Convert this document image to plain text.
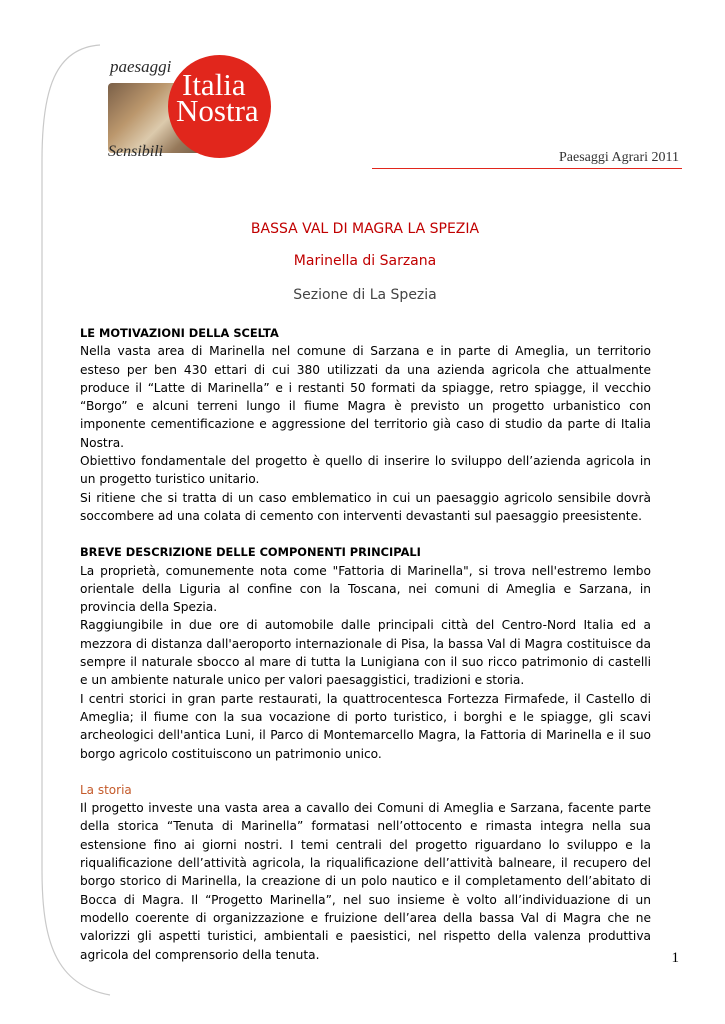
Italia
Nostra
paesaggi
Sensibili	Paesaggi Agrari 2011
BASSA VAL DI MAGRA LA SPEZIA
Marinella di Sarzana
Sezione di La Spezia
LE MOTIVAZIONI DELLA SCELTA

Nella vasta area di Marinella nel comune di Sarzana e in parte di Ameglia, un territorio esteso per ben 430 ettari di cui 380 utilizzati da una azienda agricola che attualmente produce il “Latte di Marinella” e i restanti 50 formati da spiagge, retro spiagge, il vecchio “Borgo” e alcuni terreni lungo il fiume Magra è previsto un progetto urbanistico con imponente cementificazione e aggressione del territorio già caso di studio da parte di Italia Nostra.

Obiettivo fondamentale del progetto è quello di inserire lo sviluppo dell’azienda agricola in un progetto turistico unitario.

Si ritiene che si tratta di un caso emblematico in cui un paesaggio agricolo sensibile dovrà soccombere ad una colata di cemento con interventi devastanti sul paesaggio preesistente.

BREVE DESCRIZIONE DELLE COMPONENTI PRINCIPALI

La proprietà, comunemente nota come "Fattoria di Marinella", si trova nell'estremo lembo orientale della Liguria al confine con la Toscana, nei comuni di Ameglia e Sarzana, in provincia della Spezia.

Raggiungibile in due ore di automobile dalle principali città del Centro-Nord Italia ed a mezzora di distanza dall'aeroporto internazionale di Pisa, la bassa Val di Magra costituisce da sempre il naturale sbocco al mare di tutta la Lunigiana con il suo ricco patrimonio di castelli e un ambiente naturale unico per valori paesaggistici, tradizioni e storia.

I centri storici in gran parte restaurati, la quattrocentesca Fortezza Firmafede, il Castello di Ameglia; il fiume con la sua vocazione di porto turistico, i borghi e le spiagge, gli scavi archeologici dell'antica Luni, il Parco di Montemarcello Magra, la Fattoria di Marinella e il suo borgo agricolo costituiscono un patrimonio unico.

La storia

Il progetto investe una vasta area a cavallo dei Comuni di Ameglia e Sarzana, facente parte della storica “Tenuta di Marinella” formatasi nell’ottocento e rimasta integra nella sua estensione fino ai giorni nostri. I temi centrali del progetto riguardano lo sviluppo e la riqualificazione dell’attività agricola, la riqualificazione dell’attività balneare, il recupero del borgo storico di Marinella, la creazione di un polo nautico e il completamento dell’abitato di Bocca di Magra. Il “Progetto Marinella”, nel suo insieme è volto all’individuazione di un modello coerente di organizzazione e fruizione dell’area della bassa Val di Magra che ne valorizzi gli aspetti turistici, ambientali e paesistici, nel rispetto della valenza produttiva agricola del comprensorio della tenuta.	1
